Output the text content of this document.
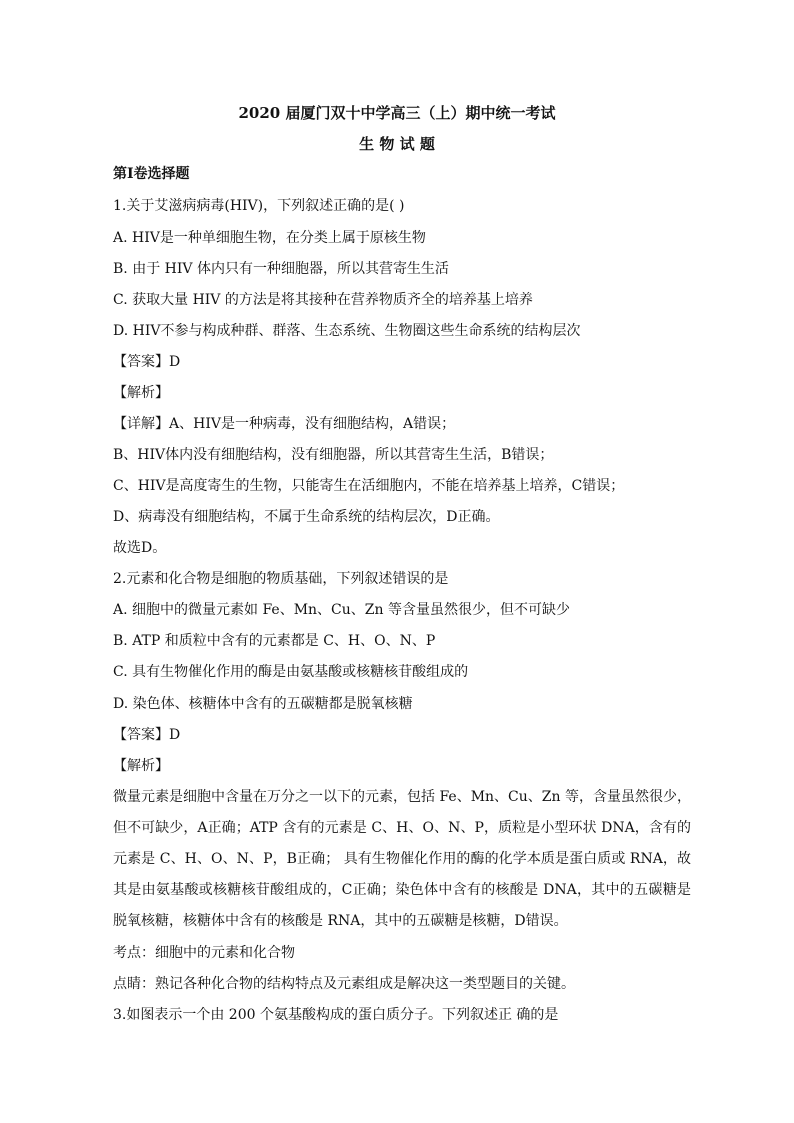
2020 届厦门双十中学高三（上）期中统一考试
生 物 试 题
第I卷选择题
1.关于艾滋病病毒(HIV)，下列叙述正确的是( )
A. HIV是一种单细胞生物，在分类上属于原核生物
B. 由于 HIV 体内只有一种细胞器，所以其营寄生生活
C. 获取大量 HIV 的方法是将其接种在营养物质齐全的培养基上培养
D. HIV不参与构成种群、群落、生态系统、生物圈这些生命系统的结构层次
【答案】D
【解析】
【详解】A、HIV是一种病毒，没有细胞结构，A错误；
B、HIV体内没有细胞结构，没有细胞器，所以其营寄生生活，B错误；
C、HIV是高度寄生的生物，只能寄生在活细胞内，不能在培养基上培养，C错误；
D、病毒没有细胞结构，不属于生命系统的结构层次，D正确。
故选D。
2.元素和化合物是细胞的物质基础，下列叙述错误的是
A. 细胞中的微量元素如 Fe、Mn、Cu、Zn 等含量虽然很少，但不可缺少
B. ATP 和质粒中含有的元素都是 C、H、O、N、P
C. 具有生物催化作用的酶是由氨基酸或核糖核苷酸组成的
D. 染色体、核糖体中含有的五碳糖都是脱氧核糖
【答案】D
【解析】
微量元素是细胞中含量在万分之一以下的元素，包括 Fe、Mn、Cu、Zn 等，含量虽然很少，但不可缺少，A正确；ATP 含有的元素是 C、H、O、N、P，质粒是小型环状 DNA，含有的元素是 C、H、O、N、P，B正确； 具有生物催化作用的酶的化学本质是蛋白质或 RNA，故其是由氨基酸或核糖核苷酸组成的，C正确；染色体中含有的核酸是 DNA，其中的五碳糖是脱氧核糖，核糖体中含有的核酸是 RNA，其中的五碳糖是核糖，D错误。
考点：细胞中的元素和化合物
点睛：熟记各种化合物的结构特点及元素组成是解决这一类型题目的关键。
3.如图表示一个由 200 个氨基酸构成的蛋白质分子。下列叙述正 确的是
